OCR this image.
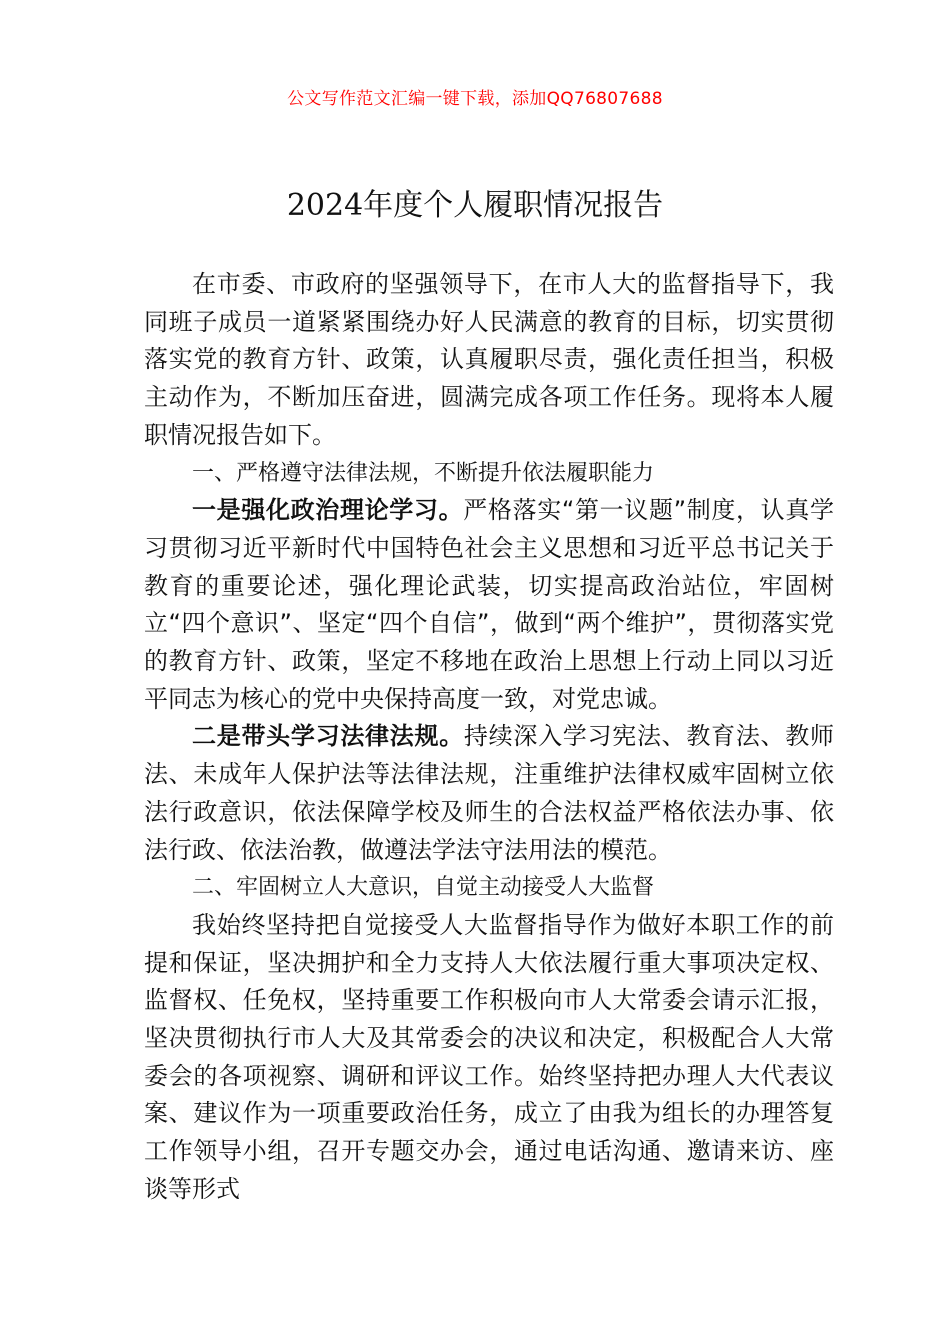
公文写作范文汇编一键下载，添加QQ76807688
2024年度个人履职情况报告

在市委、市政府的坚强领导下，在市人大的监督指导下，我同班子成员一道紧紧围绕办好人民满意的教育的目标，切实贯彻落实党的教育方针、政策，认真履职尽责，强化责任担当，积极主动作为，不断加压奋进，圆满完成各项工作任务。现将本人履职情况报告如下。

一、严格遵守法律法规，不断提升依法履职能力

一是强化政治理论学习。严格落实“第一议题”制度，认真学习贯彻习近平新时代中国特色社会主义思想和习近平总书记关于教育的重要论述，强化理论武装，切实提高政治站位，牢固树立“四个意识”、坚定“四个自信”，做到“两个维护”，贯彻落实党的教育方针、政策，坚定不移地在政治上思想上行动上同以习近平同志为核心的党中央保持高度一致，对党忠诚。

二是带头学习法律法规。持续深入学习宪法、教育法、教师法、未成年人保护法等法律法规，注重维护法律权威牢固树立依法行政意识，依法保障学校及师生的合法权益严格依法办事、依法行政、依法治教，做遵法学法守法用法的模范。

二、牢固树立人大意识，自觉主动接受人大监督

我始终坚持把自觉接受人大监督指导作为做好本职工作的前提和保证，坚决拥护和全力支持人大依法履行重大事项决定权、监督权、任免权，坚持重要工作积极向市人大常委会请示汇报，坚决贯彻执行市人大及其常委会的决议和决定，积极配合人大常委会的各项视察、调研和评议工作。始终坚持把办理人大代表议案、建议作为一项重要政治任务，成立了由我为组长的办理答复工作领导小组，召开专题交办会，通过电话沟通、邀请来访、座谈等形式
